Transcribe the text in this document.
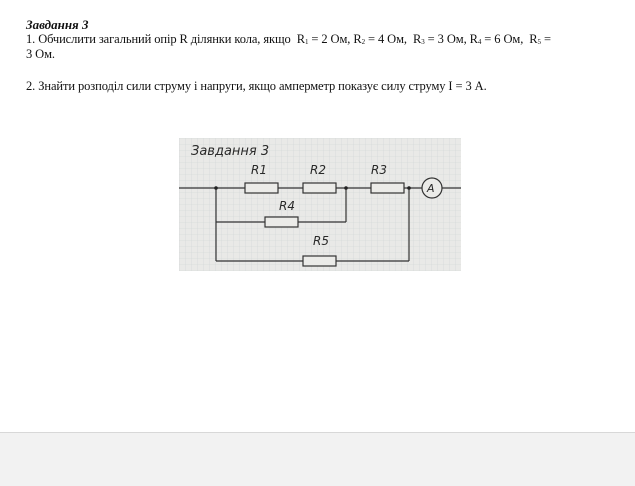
Завдання 3
1. Обчислити загальний опір R ділянки кола, якщо R1 = 2 Ом, R2 = 4 Ом, R3 = 3 Ом, R4 = 6 Ом, R5 =
3 Ом.
2. Знайти розподіл сили струму і напруги, якщо амперметр показує силу струму I = 3 А.
Завдання 3
R1	R2	R3
R4
R5
A
